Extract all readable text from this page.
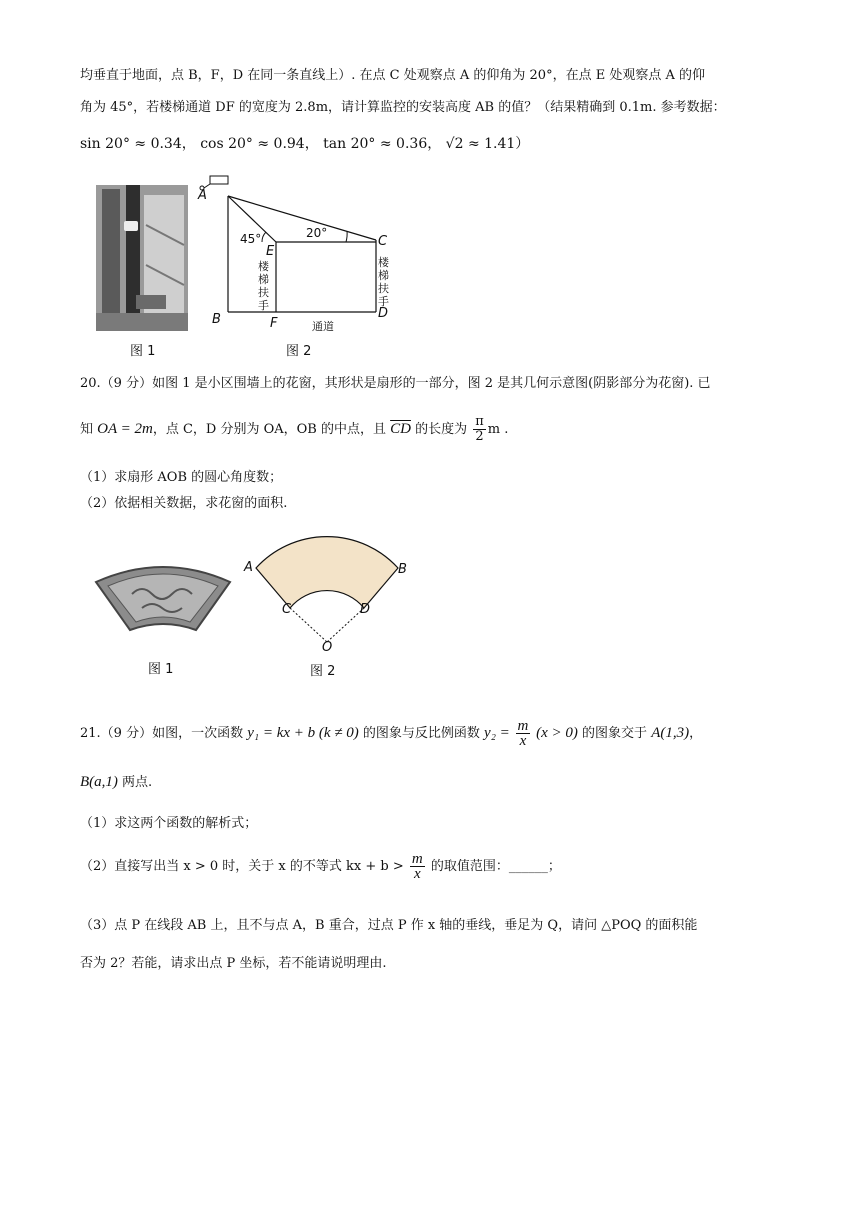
均垂直于地面，点 B，F，D 在同一条直线上）. 在点 C 处观察点 A 的仰角为 20°，在点 E 处观察点 A 的仰
角为 45°，若楼梯通道 DF 的宽度为 2.8m，请计算监控的安装高度 AB 的值？（结果精确到 0.1m. 参考数据：
sin 20° ≈ 0.34， cos 20° ≈ 0.94， tan 20° ≈ 0.36， √2 ≈ 1.41）
图 1
A
B
C
D
E
F
45°	20°
楼梯扶手
楼梯扶手
通道
图 2
20.（9 分）如图 1 是小区围墙上的花窗，其形状是扇形的一部分，图 2 是其几何示意图(阴影部分为花窗). 已
知 OA = 2m，点 C，D 分别为 OA，OB 的中点，且 $\overline{CD}$ 的长度为 $\frac{\pi}{2}$ m .
（1）求扇形 AOB 的圆心角度数；
（2）依据相关数据，求花窗的面积.
图 1
A	B
C	D
O
图 2
21.（9 分）如图，一次函数 y₁ = kx + b (k ≠ 0) 的图象与反比例函数 $y_2 = \frac{m}{x} (x > 0)$ 的图象交于 A(1,3)，
B(a,1) 两点.
（1）求这两个函数的解析式；
（2）直接写出当 x > 0 时，关于 x 的不等式 kx + $b > \frac{m}{x}$ 的取值范围：______；
（3）点 P 在线段 AB 上，且不与点 A，B 重合，过点 P 作 x 轴的垂线，垂足为 Q，请问 △POQ 的面积能
否为 2？若能，请求出点 P 坐标，若不能请说明理由.
